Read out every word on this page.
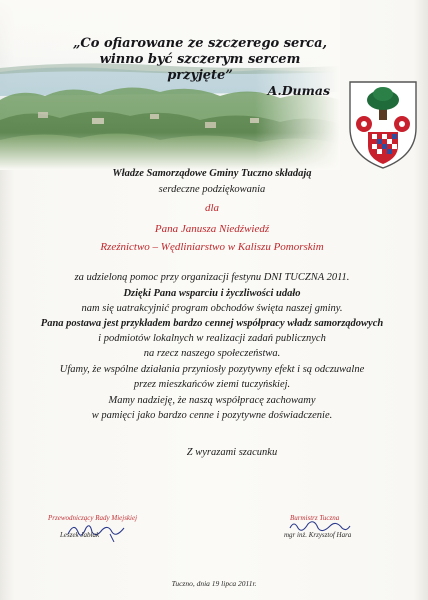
„Co ofiarowane ze szczerego serca,
winno być szczerym sercem przyjęte”
A.Dumas
Władze Samorządowe Gminy Tuczno składają
serdeczne podziękowania
dla
Pana Janusza Niedźwiedź
Rzeźnictwo – Wędliniarstwo w Kaliszu Pomorskim
za udzieloną pomoc przy organizacji festynu DNI TUCZNA 2011.
Dzięki Pana wsparciu i życzliwości udało
nam się uatrakcyjnić program obchodów święta naszej gminy.
Pana postawa jest przykładem bardzo cennej współpracy władz samorządowych
i podmiotów lokalnych w realizacji zadań publicznych
na rzecz naszego społeczeństwa.
Ufamy, że wspólne działania przyniosły pozytywny efekt i są odczuwalne
przez mieszkańców ziemi tuczyńskiej.
Mamy nadzieję, że naszą współpracę zachowamy
w pamięci jako bardzo cenne i pozytywne doświadczenie.
Z wyrazami szacunku
Przewodniczący Rady Miejskiej
Leszek Jabłak
Burmistrz Tuczna
mgr inż. Krzysztof Hara
Tuczno, dnia 19 lipca 2011r.
